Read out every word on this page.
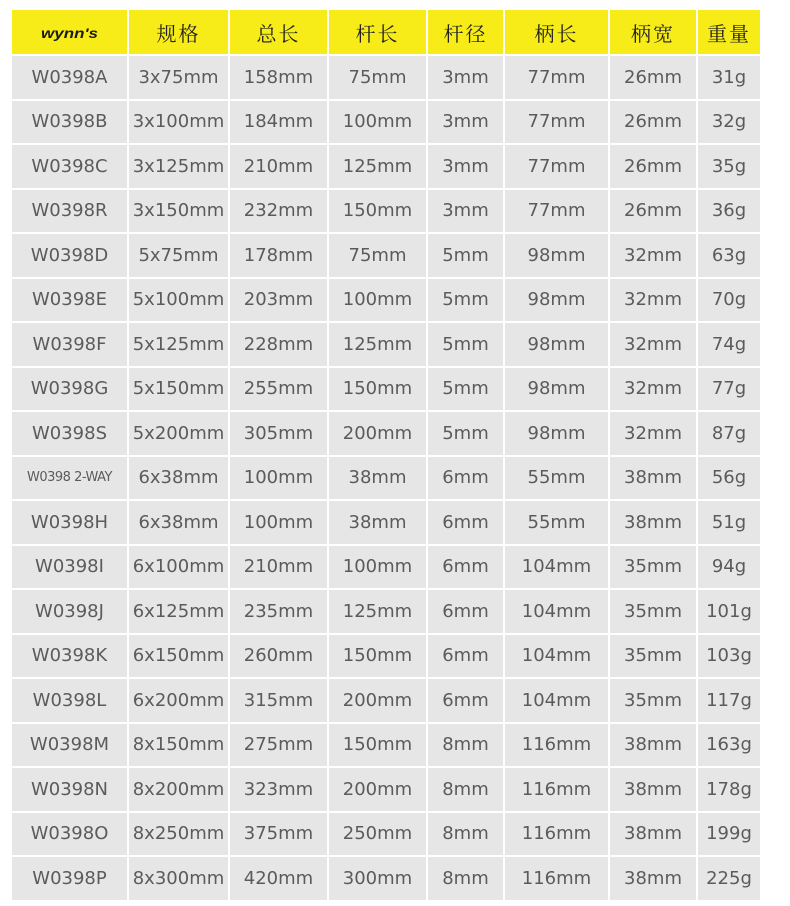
wynn's	规格	总长	杆长	杆径	柄长	柄宽	重量
W0398A	3x75mm	158mm	75mm	3mm	77mm	26mm	31g
W0398B	3x100mm	184mm	100mm	3mm	77mm	26mm	32g
W0398C	3x125mm	210mm	125mm	3mm	77mm	26mm	35g
W0398R	3x150mm	232mm	150mm	3mm	77mm	26mm	36g
W0398D	5x75mm	178mm	75mm	5mm	98mm	32mm	63g
W0398E	5x100mm	203mm	100mm	5mm	98mm	32mm	70g
W0398F	5x125mm	228mm	125mm	5mm	98mm	32mm	74g
W0398G	5x150mm	255mm	150mm	5mm	98mm	32mm	77g
W0398S	5x200mm	305mm	200mm	5mm	98mm	32mm	87g
W0398 2-WAY	6x38mm	100mm	38mm	6mm	55mm	38mm	56g
W0398H	6x38mm	100mm	38mm	6mm	55mm	38mm	51g
W0398I	6x100mm	210mm	100mm	6mm	104mm	35mm	94g
W0398J	6x125mm	235mm	125mm	6mm	104mm	35mm	101g
W0398K	6x150mm	260mm	150mm	6mm	104mm	35mm	103g
W0398L	6x200mm	315mm	200mm	6mm	104mm	35mm	117g
W0398M	8x150mm	275mm	150mm	8mm	116mm	38mm	163g
W0398N	8x200mm	323mm	200mm	8mm	116mm	38mm	178g
W0398O	8x250mm	375mm	250mm	8mm	116mm	38mm	199g
W0398P	8x300mm	420mm	300mm	8mm	116mm	38mm	225g
